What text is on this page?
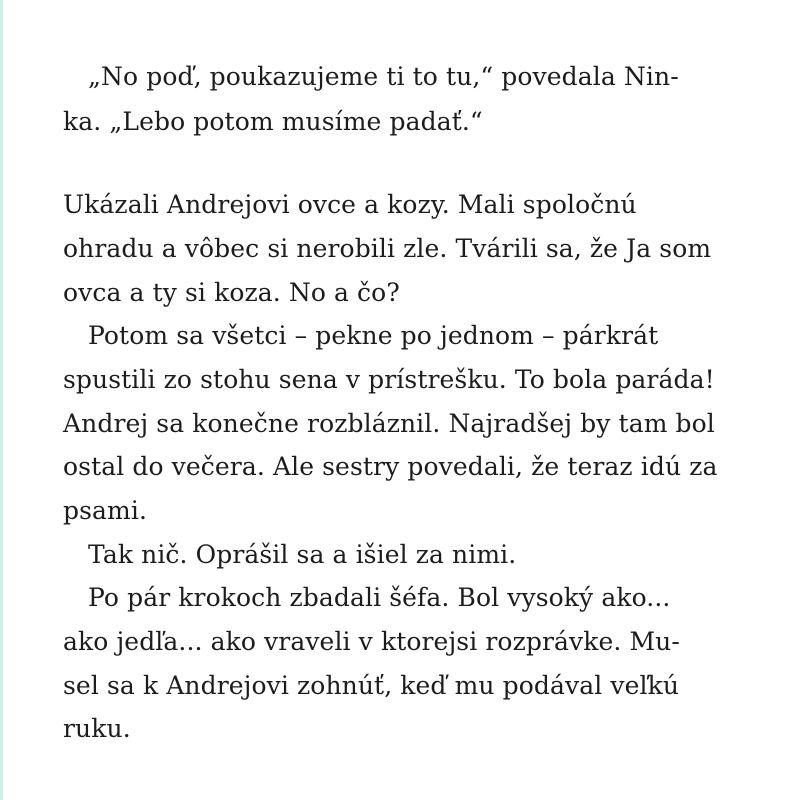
„No poď, poukazujeme ti to tu,“ povedala Nin-
ka. „Lebo potom musíme padať.“
Ukázali Andrejovi ovce a kozy. Mali spoločnú
ohradu a vôbec si nerobili zle. Tvárili sa, že Ja som
ovca a ty si koza. No a čo?
Potom sa všetci – pekne po jednom – párkrát
spustili zo stohu sena v prístrešku. To bola paráda!
Andrej sa konečne rozbláznil. Najradšej by tam bol
ostal do večera. Ale sestry povedali, že teraz idú za
psami.
Tak nič. Oprášil sa a išiel za nimi.
Po pár krokoch zbadali šéfa. Bol vysoký ako...
ako jedľa... ako vraveli v ktorejsi rozprávke. Mu-
sel sa k Andrejovi zohnúť, keď mu podával veľkú
ruku.
